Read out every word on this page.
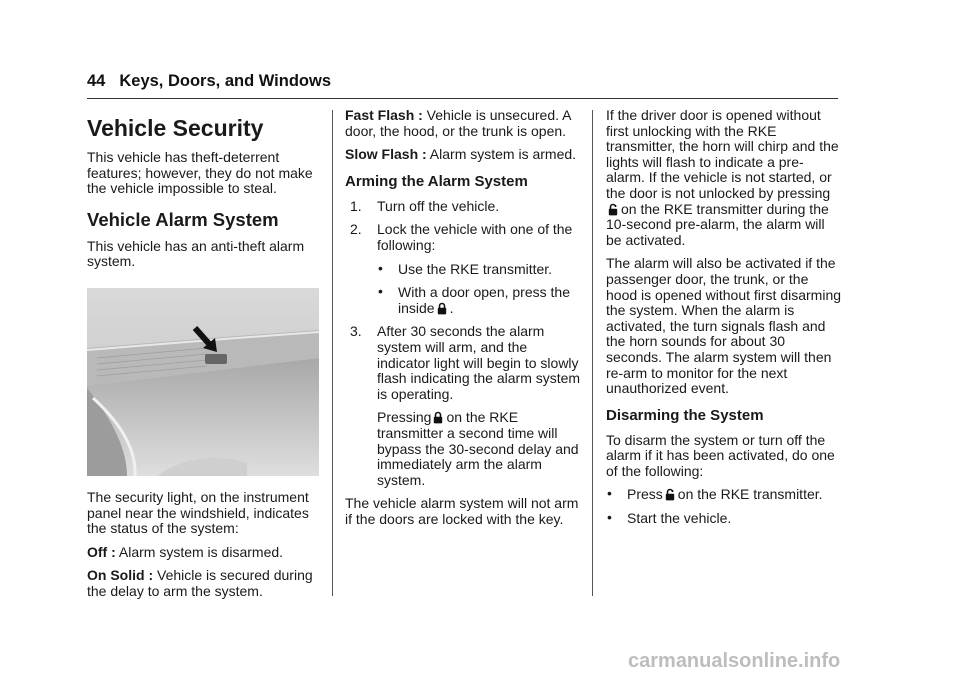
44 Keys, Doors, and Windows
Vehicle Security

This vehicle has theft-deterrent features; however, they do not make the vehicle impossible to steal.

Vehicle Alarm System

This vehicle has an anti-theft alarm system.

The security light, on the instrument panel near the windshield, indicates the status of the system:

Off : Alarm system is disarmed.

On Solid : Vehicle is secured during the delay to arm the system.

Fast Flash : Vehicle is unsecured. A door, the hood, or the trunk is open.

Slow Flash : Alarm system is armed.

Arming the Alarm System
1. Turn off the vehicle.
2. Lock the vehicle with one of the following:
• Use the RKE transmitter.
• With a door open, press the inside .
3. After 30 seconds the alarm system will arm, and the indicator light will begin to slowly flash indicating the alarm system is operating.

Pressing on the RKE transmitter a second time will bypass the 30-second delay and immediately arm the alarm system.

The vehicle alarm system will not arm if the doors are locked with the key.

If the driver door is opened without first unlocking with the RKE transmitter, the horn will chirp and the lights will flash to indicate a pre-alarm. If the vehicle is not started, or the door is not unlocked by pressingon the RKE transmitter during the 10-second pre-alarm, the alarm will be activated.

The alarm will also be activated if the passenger door, the trunk, or the hood is opened without first disarming the system. When the alarm is activated, the turn signals flash and the horn sounds for about 30 seconds. The alarm system will then re-arm to monitor for the next unauthorized event.

Disarming the System

To disarm the system or turn off the alarm if it has been activated, do one of the following:

• Press on the RKE transmitter.
• Start the vehicle.
carmanualsonline.info
